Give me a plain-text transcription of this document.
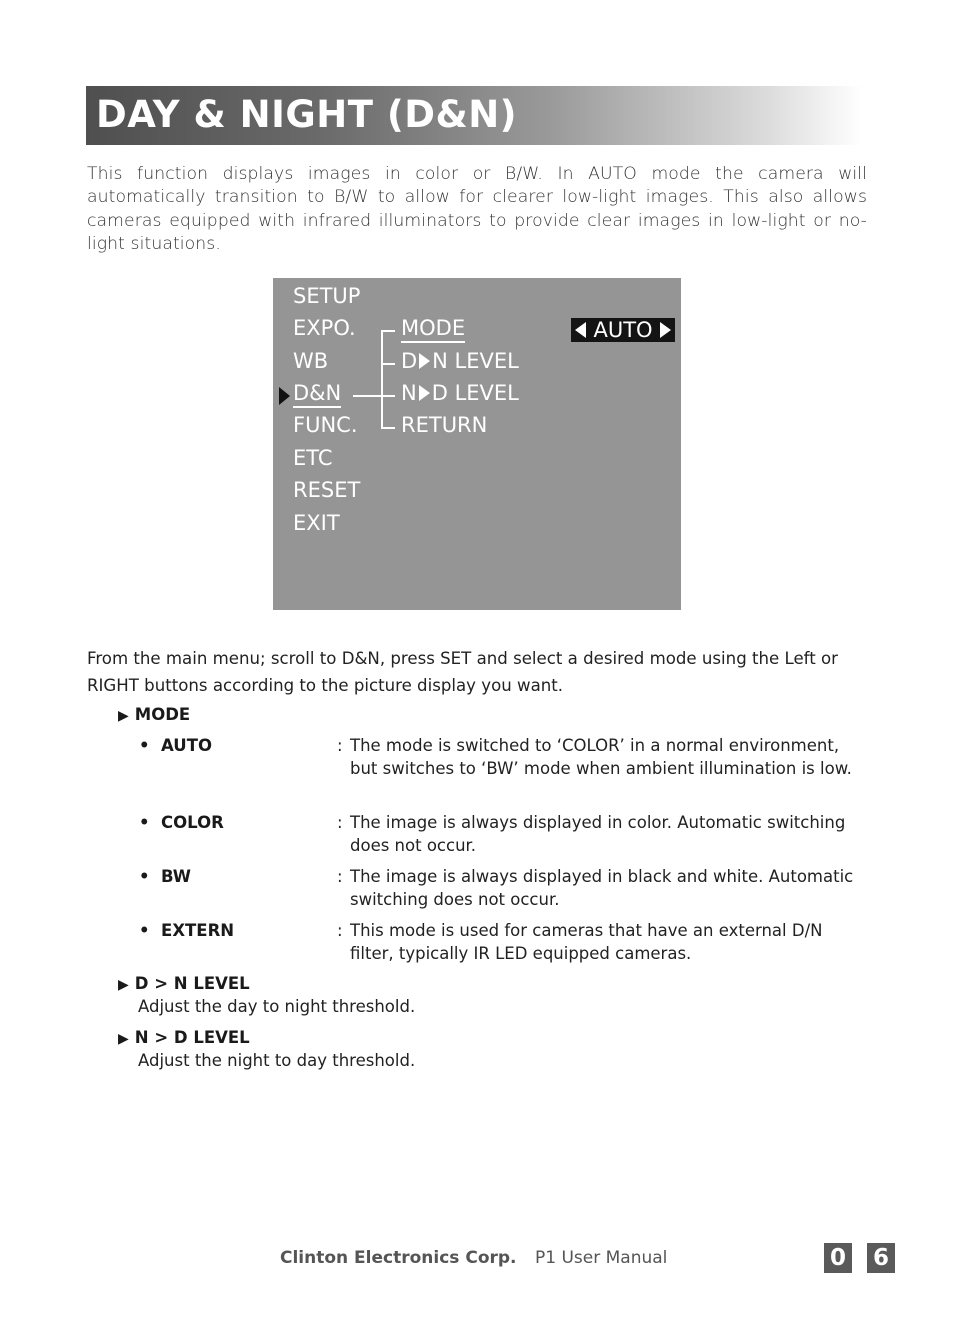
DAY & NIGHT (D&N)

This function displays images in color or B/W. In AUTO mode the camera will automatically transition to B/W to allow for clearer low-light images. This also allows cameras equipped with infrared illuminators to provide clear images in low-light or no-light situations.

SETUP
EXPO.
WB
D&N
FUNC.
ETC
RESET
EXIT
MODE
D N LEVEL
N D LEVEL
RETURN
AUTO
From the main menu; scroll to D&N, press SET and select a desired mode using the Left or RIGHT buttons according to the picture display you want.
▶ MODE
•  AUTO	: The mode is switched to ‘COLOR’ in a normal environment, but switches to ‘BW’ mode when ambient illumination is low.
•  COLOR	: The image is always displayed in color. Automatic switching does not occur.
•  BW	: The image is always displayed in black and white. Automatic switching does not occur.
•  EXTERN	: This mode is used for cameras that have an external D/N filter, typically IR LED equipped cameras.
▶ D > N LEVEL
Adjust the day to night threshold.
▶ N > D LEVEL
Adjust the night to day threshold.
Clinton Electronics Corp. P1 User Manual	0 6
